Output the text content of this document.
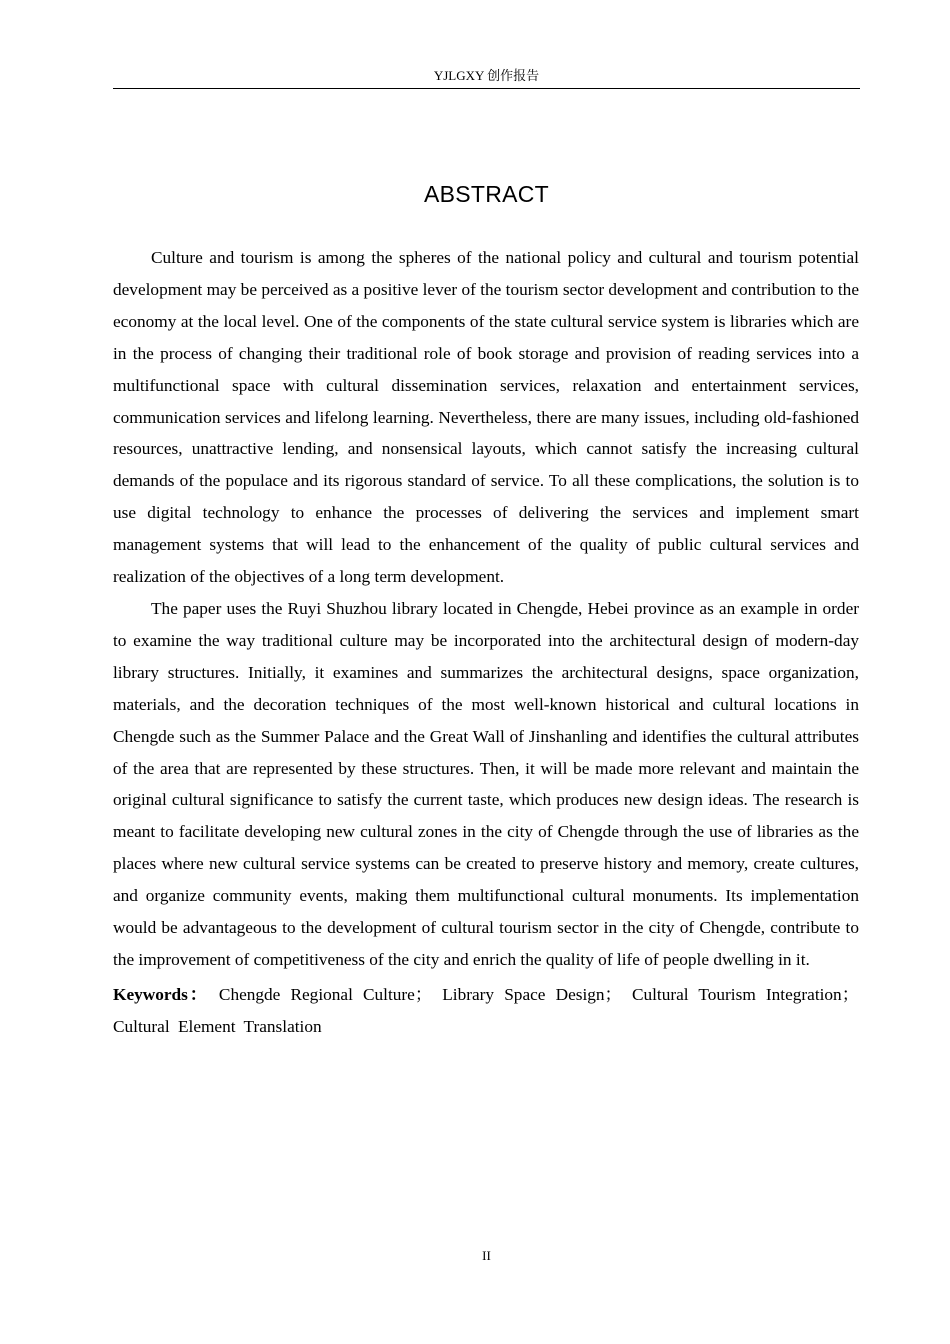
YJLGXY 创作报告
ABSTRACT

Culture and tourism is among the spheres of the national policy and cultural and tourism potential development may be perceived as a positive lever of the tourism sector development and contribution to the economy at the local level. One of the components of the state cultural service system is libraries which are in the process of changing their traditional role of book storage and provision of reading services into a multifunctional space with cultural dissemination services, relaxation and entertainment services, communication services and lifelong learning. Nevertheless, there are many issues, including old-fashioned resources, unattractive lending, and nonsensical layouts, which cannot satisfy the increasing cultural demands of the populace and its rigorous standard of service. To all these complications, the solution is to use digital technology to enhance the processes of delivering the services and implement smart management systems that will lead to the enhancement of the quality of public cultural services and realization of the objectives of a long term development.

The paper uses the Ruyi Shuzhou library located in Chengde, Hebei province as an example in order to examine the way traditional culture may be incorporated into the architectural design of modern-day library structures. Initially, it examines and summarizes the architectural designs, space organization, materials, and the decoration techniques of the most well-known historical and cultural locations in Chengde such as the Summer Palace and the Great Wall of Jinshanling and identifies the cultural attributes of the area that are represented by these structures. Then, it will be made more relevant and maintain the original cultural significance to satisfy the current taste, which produces new design ideas. The research is meant to facilitate developing new cultural zones in the city of Chengde through the use of libraries as the places where new cultural service systems can be created to preserve history and memory, create cultures, and organize community events, making them multifunctional cultural monuments. Its implementation would be advantageous to the development of cultural tourism sector in the city of Chengde, contribute to the improvement of competitiveness of the city and enrich the quality of life of people dwelling in it.

Keywords： Chengde Regional Culture； Library Space Design； Cultural Tourism Integration；Cultural Element Translation
II
